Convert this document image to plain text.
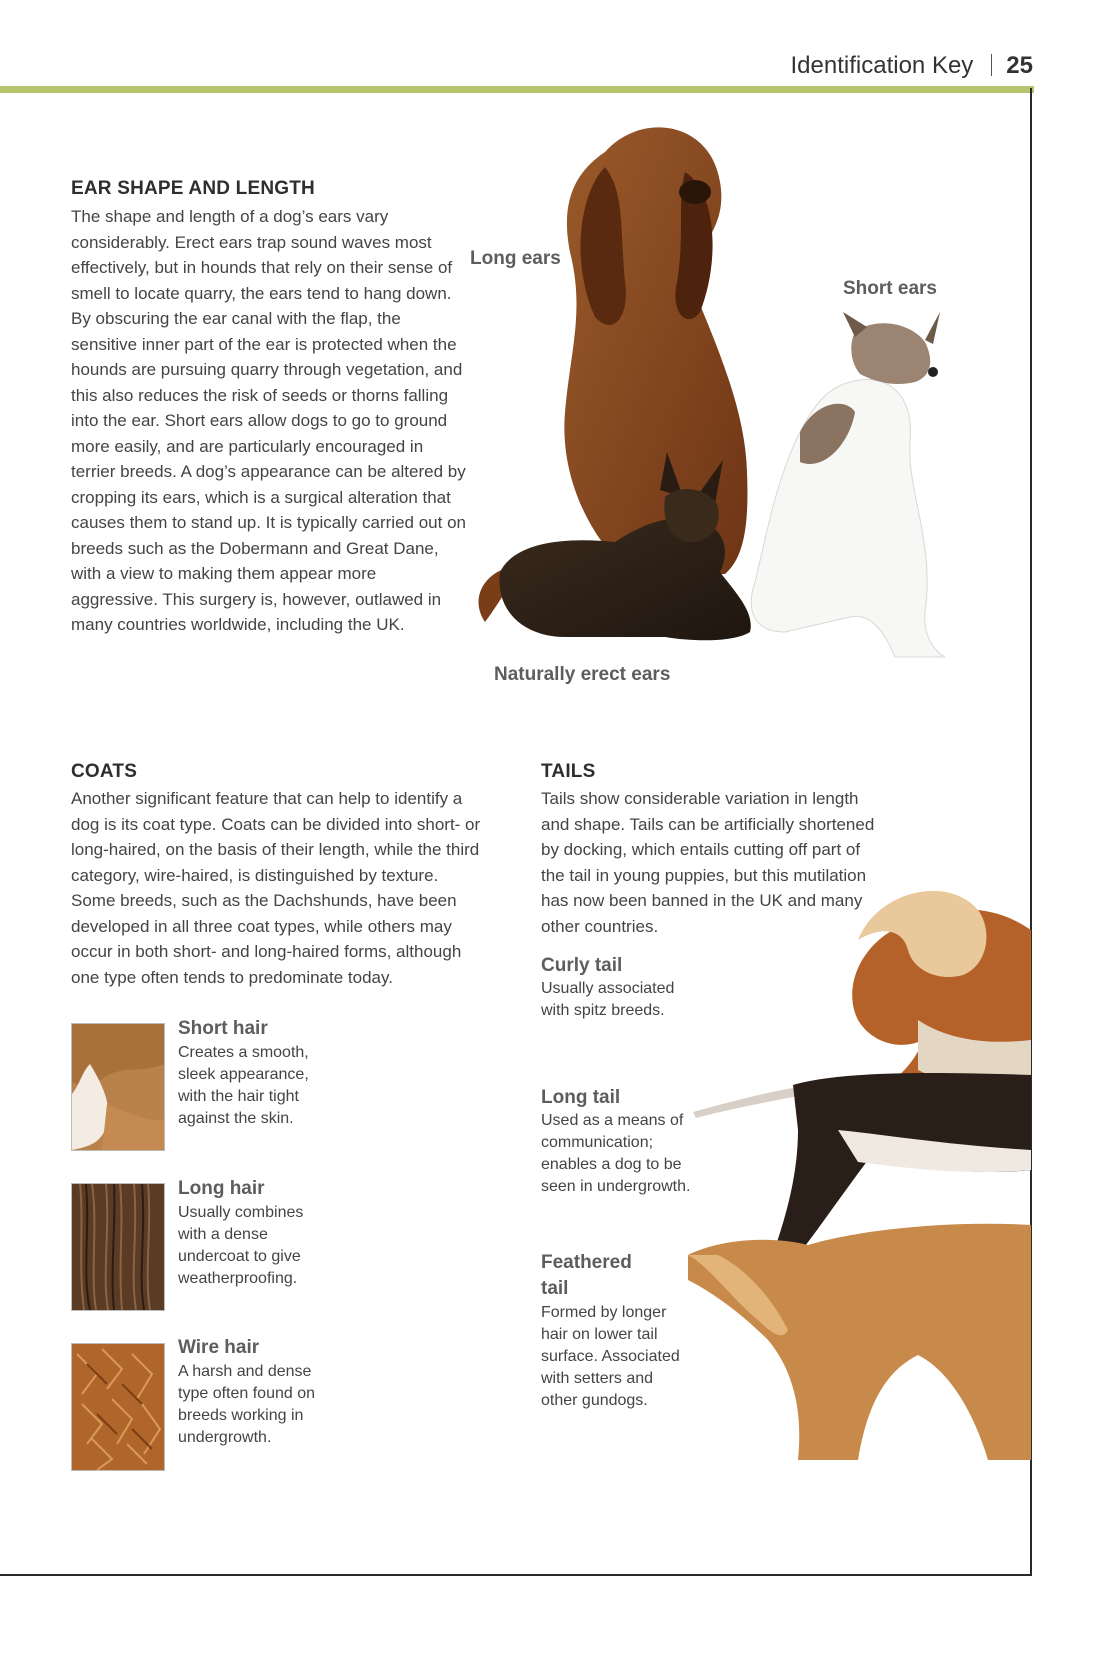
Identification Key 25
EAR SHAPE AND LENGTH

The shape and length of a dog’s ears vary considerably. Erect ears trap sound waves most effectively, but in hounds that rely on their sense of smell to locate quarry, the ears tend to hang down. By obscuring the ear canal with the flap, the sensitive inner part of the ear is protected when the hounds are pursuing quarry through vegetation, and this also reduces the risk of seeds or thorns falling into the ear. Short ears allow dogs to go to ground more easily, and are particularly encouraged in terrier breeds. A dog’s appearance can be altered by cropping its ears, which is a surgical alteration that causes them to stand up. It is typically carried out on breeds such as the Dobermann and Great Dane, with a view to making them appear more aggressive. This surgery is, however, outlawed in many countries worldwide, including the UK.

Long ears
Short ears
Naturally erect ears
COATS

Another significant feature that can help to identify a dog is its coat type. Coats can be divided into short- or long-haired, on the basis of their length, while the third category, wire-haired, is distinguished by texture. Some breeds, such as the Dachshunds, have been developed in all three coat types, while others may occur in both short- and long-haired forms, although one type often tends to predominate today.

Short hair
Creates a smooth, sleek appearance, with the hair tight against the skin.
Long hair
Usually combines with a dense undercoat to give weatherproofing.
Wire hair
A harsh and dense type often found on breeds working in undergrowth.
TAILS

Tails show considerable variation in length and shape. Tails can be artificially shortened by docking, which entails cutting off part of the tail in young puppies, but this mutilation has now been banned in the UK and many other countries.

Curly tail
Usually associated with spitz breeds.
Long tail
Used as a means of communication; enables a dog to be seen in undergrowth.
Feathered tail
Formed by longer hair on lower tail surface. Associated with setters and other gundogs.
